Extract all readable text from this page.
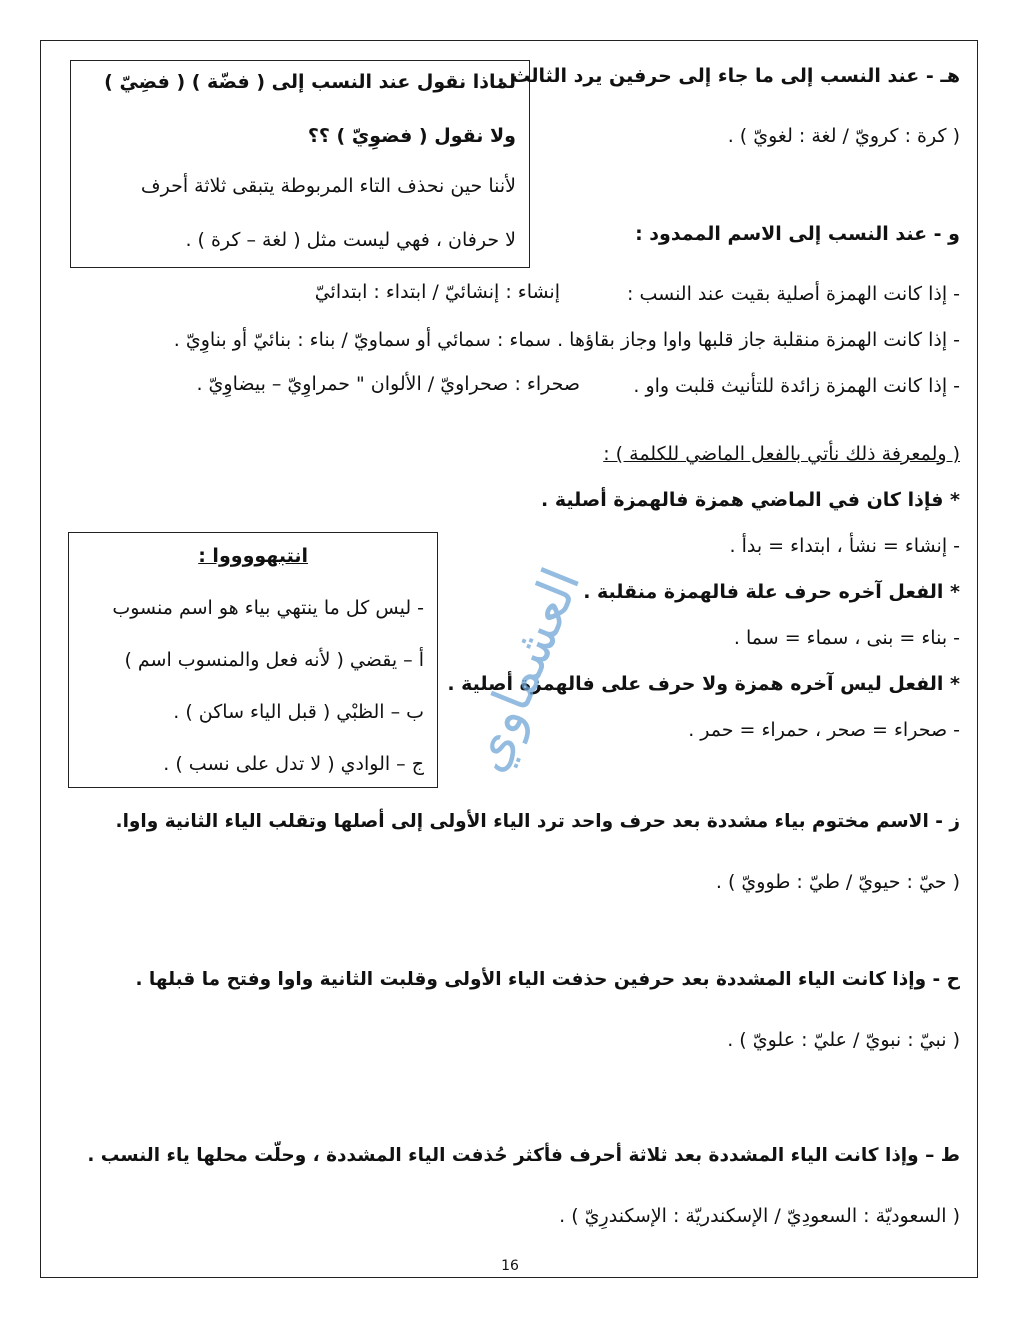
لماذا نقول عند النسب إلى ( فضّة ) ( فضِيّ )
ولا نقول ( فضوِيّ ) ؟؟
لأننا حين نحذف التاء المربوطة يتبقى ثلاثة أحرف
لا حرفان ، فهي ليست مثل ( لغة – كرة ) .
هـ - عند النسب إلى ما جاء إلى حرفين يرد الثالث .
( كرة : كرويّ / لغة : لغويّ ) .
و - عند النسب إلى الاسم الممدود :
- إذا كانت الهمزة أصلية بقيت عند النسب :
إنشاء : إنشائيّ / ابتداء : ابتدائيّ
- إذا كانت الهمزة منقلبة جاز قلبها واوا وجاز بقاؤها . سماء : سمائي أو سماويّ / بناء : بنائيّ أو بناوِيّ .
- إذا كانت الهمزة زائدة للتأنيث قلبت واو .
صحراء : صحراويّ / الألوان " حمراوِيّ – بيضاوِيّ .
( ولمعرفة ذلك نأتي بالفعل الماضي للكلمة ) :
* فإذا كان في الماضي همزة فالهمزة أصلية .
- إنشاء = نشأ ، ابتداء = بدأ .
* الفعل آخره حرف علة فالهمزة منقلبة .
- بناء = بنى ، سماء = سما .
* الفعل ليس آخره همزة ولا حرف على فالهمزة أصلية .
- صحراء = صحر ، حمراء = حمر .
انتبهووووا :
- ليس كل ما ينتهي بياء هو اسم منسوب
أ – يقضي ( لأنه فعل والمنسوب اسم )
ب – الظبْي ( قبل الياء ساكن ) .
ج – الوادي ( لا تدل على نسب ) . العشماوي
ز - الاسم مختوم بياء مشددة بعد حرف واحد ترد الياء الأولى إلى أصلها وتقلب الياء الثانية واوا.
( حيّ : حيويّ / طيّ : طوويّ ) .
ح - وإذا كانت الياء المشددة بعد حرفين حذفت الياء الأولى وقلبت الثانية واوا وفتح ما قبلها .
( نبيّ : نبويّ / عليّ : علويّ ) .
ط – وإذا كانت الياء المشددة بعد ثلاثة أحرف فأكثر حُذفت الياء المشددة ، وحلّت محلها ياء النسب .
( السعوديّة : السعودِيّ / الإسكندريّة : الإسكندرِيّ ) .
16
